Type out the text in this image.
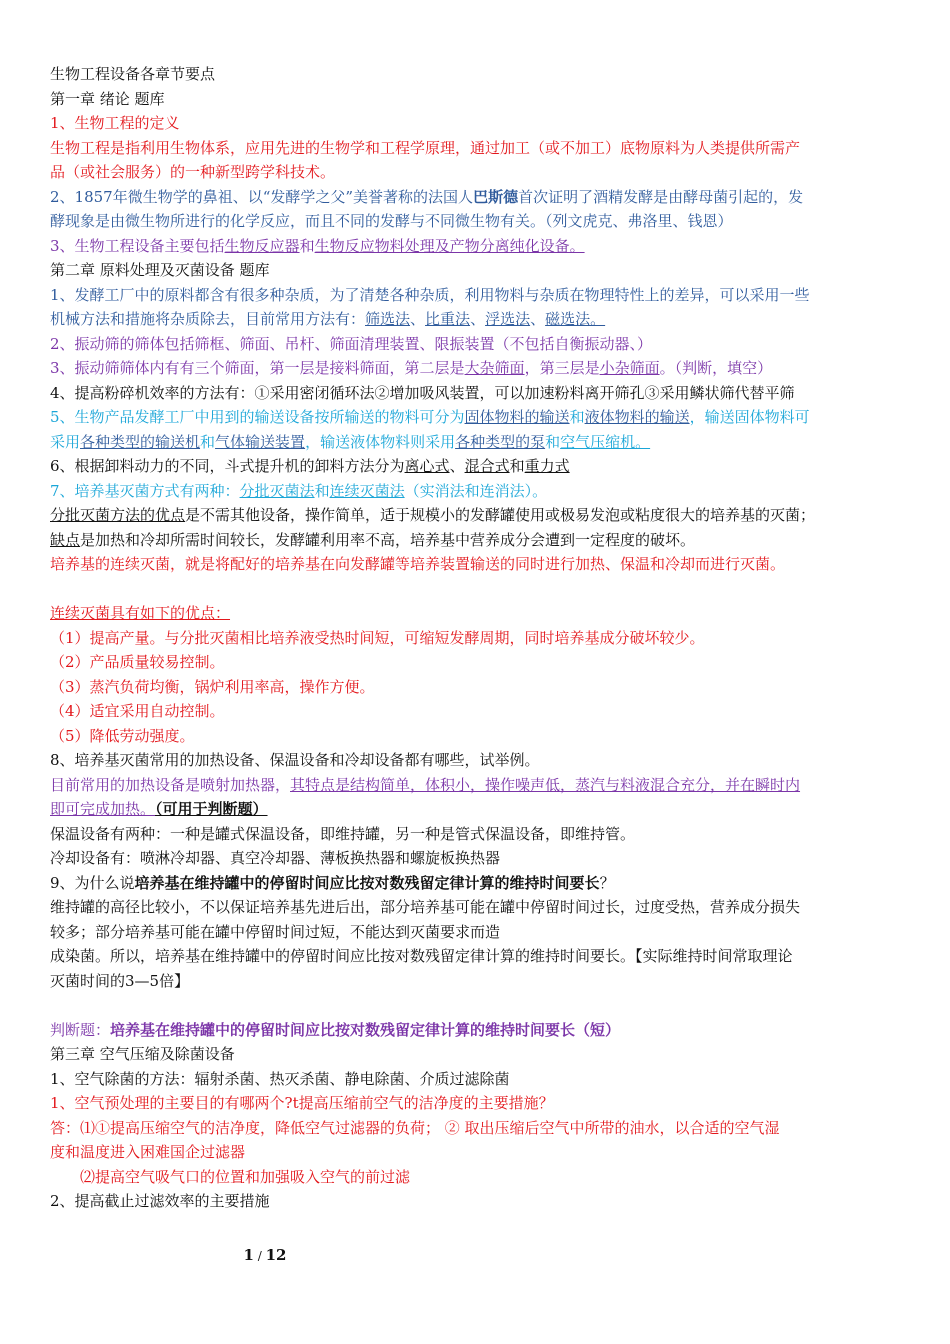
生物工程设备各章节要点
第一章 绪论 题库
1、生物工程的定义
生物工程是指利用生物体系，应用先进的生物学和工程学原理，通过加工（或不加工）底物原料为人类提供所需产
品（或社会服务）的一种新型跨学科技术。
2、1857年微生物学的鼻祖、以“发酵学之父”美誉著称的法国人巴斯德首次证明了酒精发酵是由酵母菌引起的，发
酵现象是由微生物所进行的化学反应，而且不同的发酵与不同微生物有关。（列文虎克、弗洛里、钱恩）
3、生物工程设备主要包括生物反应器和生物反应物料处理及产物分离纯化设备。
第二章 原料处理及灭菌设备 题库
1、发酵工厂中的原料都含有很多种杂质，为了清楚各种杂质，利用物料与杂质在物理特性上的差异，可以采用一些
机械方法和措施将杂质除去，目前常用方法有：筛选法、比重法、浮选法、磁选法。
2、振动筛的筛体包括筛框、筛面、吊杆、筛面清理装置、限振装置（不包括自衡振动器、）
3、振动筛筛体内有有三个筛面，第一层是接料筛面，第二层是大杂筛面，第三层是小杂筛面。（判断，填空）
4、提高粉碎机效率的方法有：①采用密闭循环法②增加吸风装置，可以加速粉料离开筛孔③采用鳞状筛代替平筛
5、生物产品发酵工厂中用到的输送设备按所输送的物料可分为固体物料的输送和液体物料的输送，输送固体物料可
采用各种类型的输送机和气体输送装置，输送液体物料则采用各种类型的泵和空气压缩机。
6、根据卸料动力的不同，斗式提升机的卸料方法分为离心式、混合式和重力式
7、培养基灭菌方式有两种：分批灭菌法和连续灭菌法（实消法和连消法）。
分批灭菌方法的优点是不需其他设备，操作简单，适于规模小的发酵罐使用或极易发泡或粘度很大的培养基的灭菌；
缺点是加热和冷却所需时间较长，发酵罐利用率不高，培养基中营养成分会遭到一定程度的破坏。
培养基的连续灭菌，就是将配好的培养基在向发酵罐等培养装置输送的同时进行加热、保温和冷却而进行灭菌。
连续灭菌具有如下的优点：
（1）提高产量。与分批灭菌相比培养液受热时间短，可缩短发酵周期，同时培养基成分破坏较少。
（2）产品质量较易控制。
（3）蒸汽负荷均衡，锅炉利用率高，操作方便。
（4）适宜采用自动控制。
（5）降低劳动强度。
8、培养基灭菌常用的加热设备、保温设备和冷却设备都有哪些，试举例。
目前常用的加热设备是喷射加热器，其特点是结构简单，体积小，操作噪声低，蒸汽与料液混合充分，并在瞬时内
即可完成加热。（可用于判断题）
保温设备有两种：一种是罐式保温设备，即维持罐，另一种是管式保温设备，即维持管。
冷却设备有：喷淋冷却器、真空冷却器、薄板换热器和螺旋板换热器
9、为什么说培养基在维持罐中的停留时间应比按对数残留定律计算的维持时间要长？
维持罐的高径比较小，不以保证培养基先进后出，部分培养基可能在罐中停留时间过长，过度受热，营养成分损失
较多；部分培养基可能在罐中停留时间过短，不能达到灭菌要求而造
成染菌。所以，培养基在维持罐中的停留时间应比按对数残留定律计算的维持时间要长。【实际维持时间常取理论
灭菌时间的3—5倍】
判断题：培养基在维持罐中的停留时间应比按对数残留定律计算的维持时间要长（短）
第三章 空气压缩及除菌设备
1、空气除菌的方法：辐射杀菌、热灭杀菌、静电除菌、介质过滤除菌
1、空气预处理的主要目的有哪两个?t提高压缩前空气的洁净度的主要措施？
答：⑴①提高压缩空气的洁净度，降低空气过滤器的负荷； ② 取出压缩后空气中所带的油水，以合适的空气湿
度和温度进入困难国企过滤器
⑵提高空气吸气口的位置和加强吸入空气的前过滤
2、提高截止过滤效率的主要措施
1 / 12
